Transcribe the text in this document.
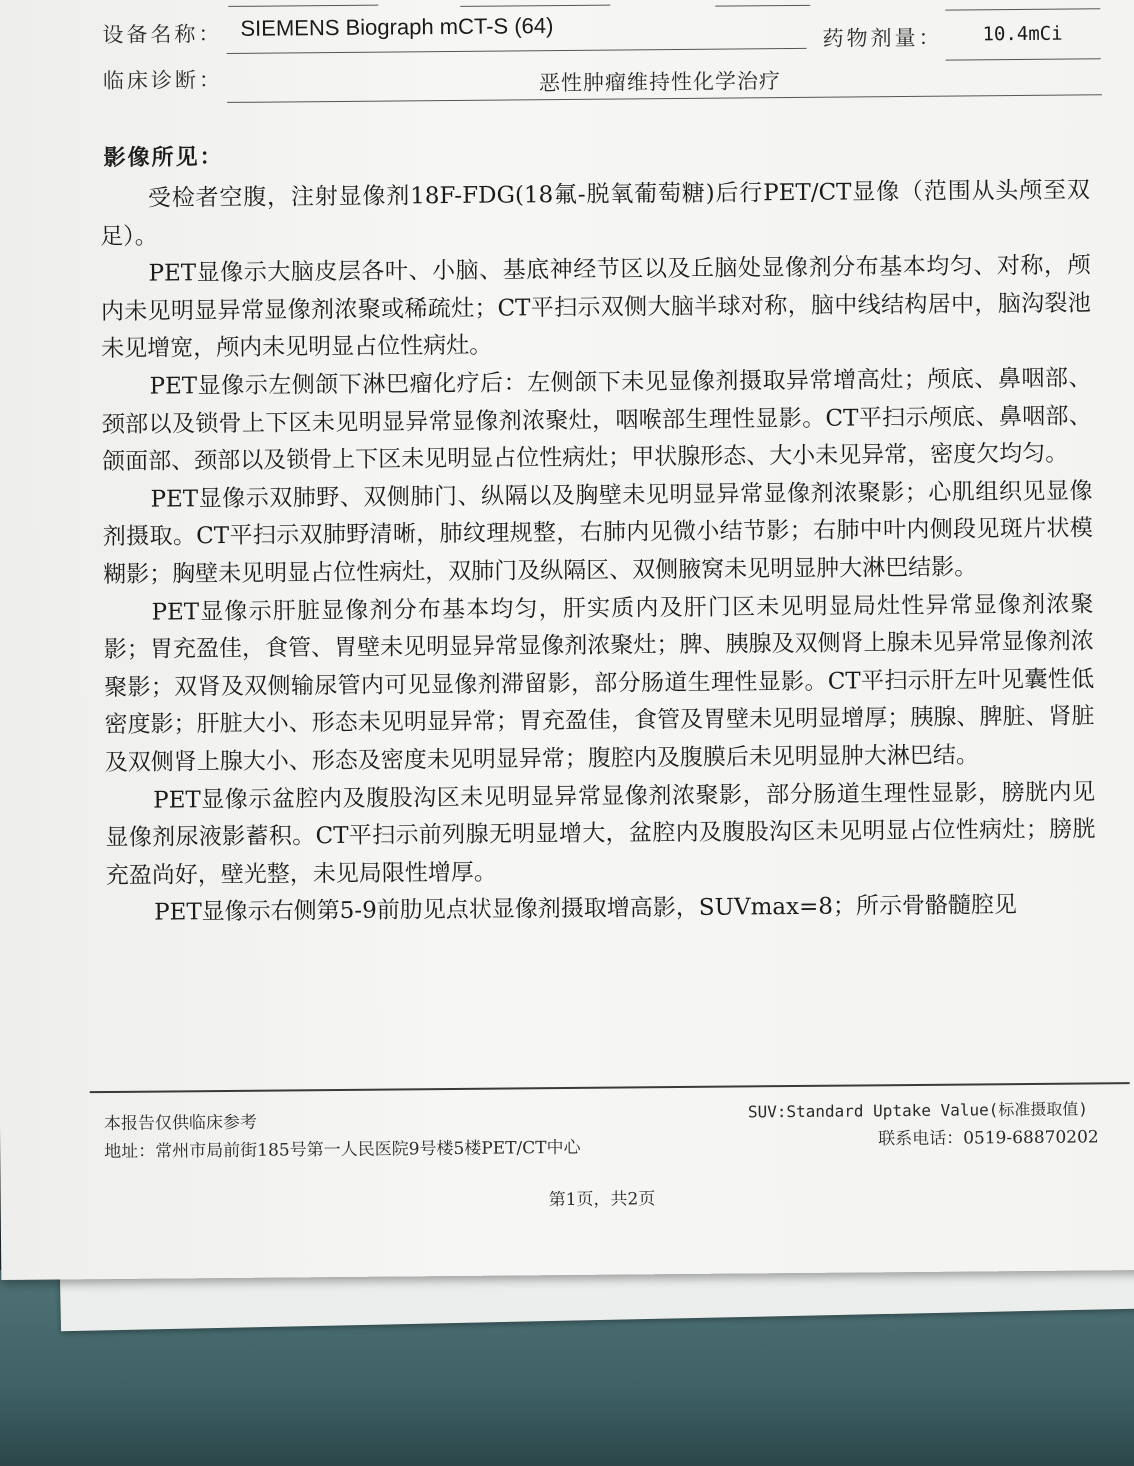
设备名称： SIEMENS Biograph mCT-S (64)	药物剂量： 10.4mCi
临床诊断：	恶性肿瘤维持性化学治疗
影像所见：

受检者空腹，注射显像剂18F-FDG(18氟-脱氧葡萄糖)后行PET/CT显像（范围从头颅至双足）。

PET显像示大脑皮层各叶、小脑、基底神经节区以及丘脑处显像剂分布基本均匀、对称，颅内未见明显异常显像剂浓聚或稀疏灶；CT平扫示双侧大脑半球对称，脑中线结构居中，脑沟裂池未见增宽，颅内未见明显占位性病灶。

PET显像示左侧颌下淋巴瘤化疗后：左侧颌下未见显像剂摄取异常增高灶；颅底、鼻咽部、颈部以及锁骨上下区未见明显异常显像剂浓聚灶，咽喉部生理性显影。CT平扫示颅底、鼻咽部、颌面部、颈部以及锁骨上下区未见明显占位性病灶；甲状腺形态、大小未见异常，密度欠均匀。

PET显像示双肺野、双侧肺门、纵隔以及胸壁未见明显异常显像剂浓聚影；心肌组织见显像剂摄取。CT平扫示双肺野清晰，肺纹理规整，右肺内见微小结节影；右肺中叶内侧段见斑片状模糊影；胸壁未见明显占位性病灶，双肺门及纵隔区、双侧腋窝未见明显肿大淋巴结影。

PET显像示肝脏显像剂分布基本均匀，肝实质内及肝门区未见明显局灶性异常显像剂浓聚影；胃充盈佳，食管、胃壁未见明显异常显像剂浓聚灶；脾、胰腺及双侧肾上腺未见异常显像剂浓聚影；双肾及双侧输尿管内可见显像剂滞留影，部分肠道生理性显影。CT平扫示肝左叶见囊性低密度影；肝脏大小、形态未见明显异常；胃充盈佳，食管及胃壁未见明显增厚；胰腺、脾脏、肾脏及双侧肾上腺大小、形态及密度未见明显异常；腹腔内及腹膜后未见明显肿大淋巴结。

PET显像示盆腔内及腹股沟区未见明显异常显像剂浓聚影，部分肠道生理性显影，膀胱内见显像剂尿液影蓄积。CT平扫示前列腺无明显增大，盆腔内及腹股沟区未见明显占位性病灶；膀胱充盈尚好，壁光整，未见局限性增厚。

PET显像示右侧第5-9前肋见点状显像剂摄取增高影，SUVmax=8；所示骨骼髓腔见

本报告仅供临床参考
地址：常州市局前街185号第一人民医院9号楼5楼PET/CT中心
SUV:Standard Uptake Value(标准摄取值)
联系电话：0519-68870202
第1页，共2页
